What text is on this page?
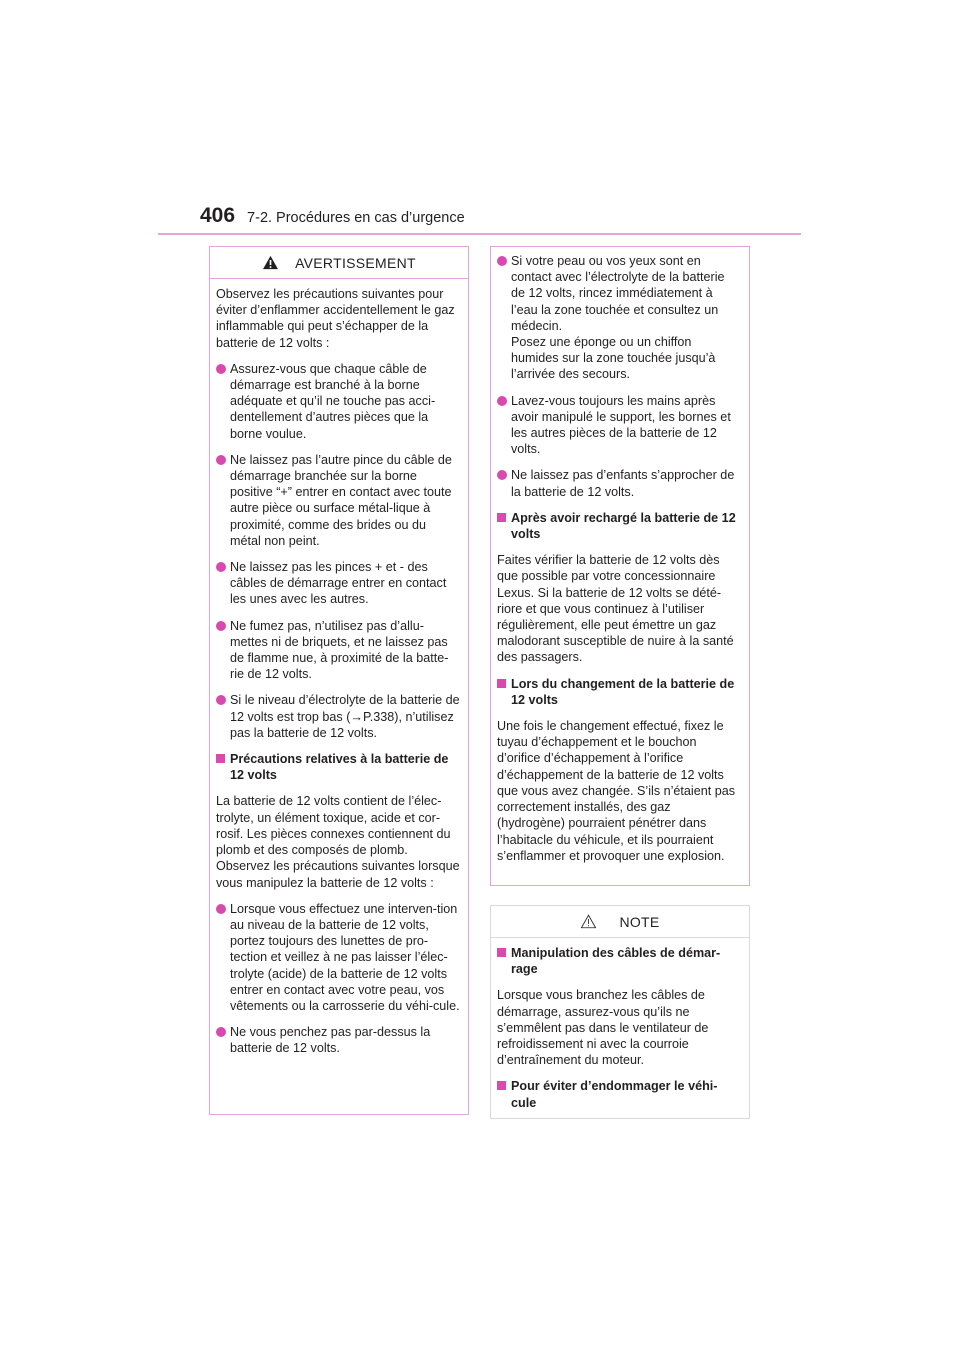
406 7-2. Procédures en cas d’urgence
AVERTISSEMENT

Observez les précautions suivantes pour éviter d’enflammer accidentellement le gaz inflammable qui peut s’échapper de la batterie de 12 volts :

Assurez-vous que chaque câble de démarrage est branché à la borne adéquate et qu’il ne touche pas acci-dentellement d’autres pièces que la borne voulue.
Ne laissez pas l’autre pince du câble de démarrage branchée sur la borne positive “+” entrer en contact avec toute autre pièce ou surface métal-lique à proximité, comme des brides ou du métal non peint.
Ne laissez pas les pinces + et - des câbles de démarrage entrer en contact les unes avec les autres.
Ne fumez pas, n’utilisez pas d’allu-mettes ni de briquets, et ne laissez pas de flamme nue, à proximité de la batte-rie de 12 volts.
Si le niveau d’électrolyte de la batterie de 12 volts est trop bas (→P.338), n’utilisez pas la batterie de 12 volts.
Précautions relatives à la batterie de 12 volts

La batterie de 12 volts contient de l’élec-trolyte, un élément toxique, acide et cor-rosif. Les pièces connexes contiennent du plomb et des composés de plomb. Observez les précautions suivantes lorsque vous manipulez la batterie de 12 volts :

Lorsque vous effectuez une interven-tion au niveau de la batterie de 12 volts, portez toujours des lunettes de pro-tection et veillez à ne pas laisser l’élec-trolyte (acide) de la batterie de 12 volts entrer en contact avec votre peau, vos vêtements ou la carrosserie du véhi-cule.
Ne vous penchez pas par-dessus la batterie de 12 volts.
Si votre peau ou vos yeux sont en contact avec l’électrolyte de la batterie de 12 volts, rincez immédiatement à l’eau la zone touchée et consultez un médecin.
Posez une éponge ou un chiffon humides sur la zone touchée jusqu’à l’arrivée des secours.
Lavez-vous toujours les mains après avoir manipulé le support, les bornes et les autres pièces de la batterie de 12 volts.
Ne laissez pas d’enfants s’approcher de la batterie de 12 volts.
Après avoir rechargé la batterie de 12 volts

Faites vérifier la batterie de 12 volts dès que possible par votre concessionnaire Lexus. Si la batterie de 12 volts se dété-riore et que vous continuez à l’utiliser régulièrement, elle peut émettre un gaz malodorant susceptible de nuire à la santé des passagers.

Lors du changement de la batterie de 12 volts

Une fois le changement effectué, fixez le tuyau d’échappement et le bouchon d’orifice d’échappement à l’orifice d’échappement de la batterie de 12 volts que vous avez changée. S’ils n’étaient pas correctement installés, des gaz (hydrogène) pourraient pénétrer dans l’habitacle du véhicule, et ils pourraient s’enflammer et provoquer une explosion.

NOTE
Manipulation des câbles de démar-rage

Lorsque vous branchez les câbles de démarrage, assurez-vous qu’ils ne s’emmêlent pas dans le ventilateur de refroidissement ni avec la courroie d’entraînement du moteur.

Pour éviter d’endommager le véhi-cule
